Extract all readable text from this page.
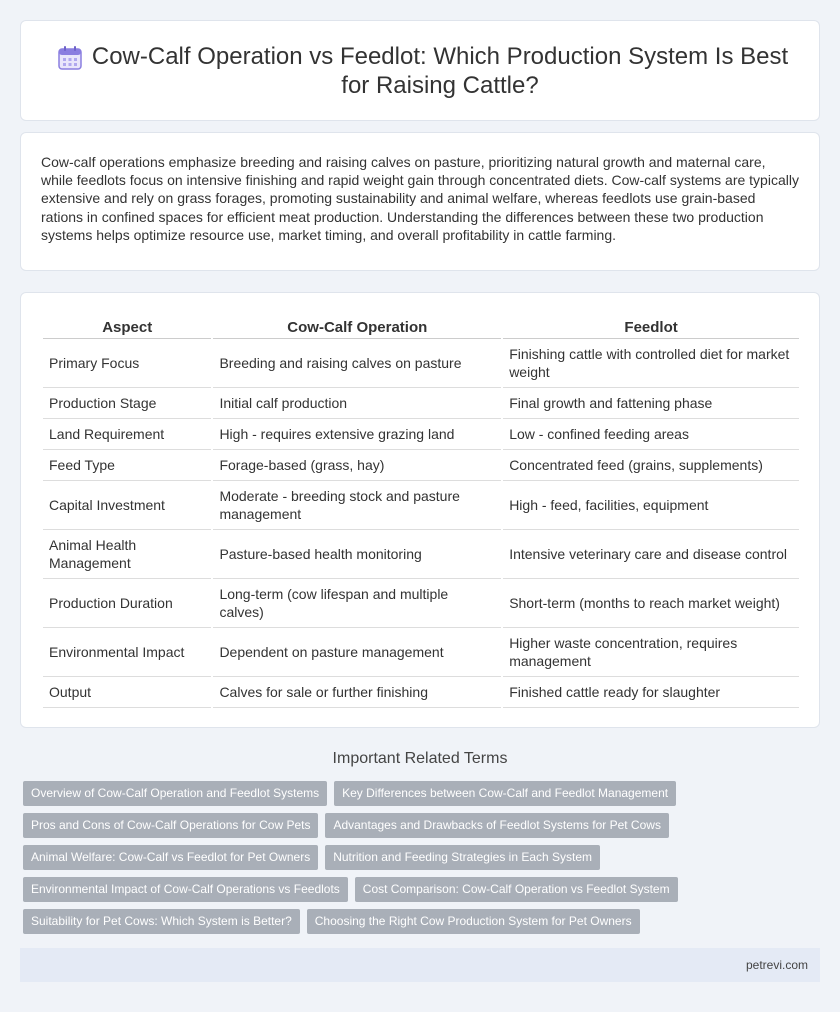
Cow-Calf Operation vs Feedlot: Which Production System Is Best for Raising Cattle?

Cow-calf operations emphasize breeding and raising calves on pasture, prioritizing natural growth and maternal care, while feedlots focus on intensive finishing and rapid weight gain through concentrated diets. Cow-calf systems are typically extensive and rely on grass forages, promoting sustainability and animal welfare, whereas feedlots use grain-based rations in confined spaces for efficient meat production. Understanding the differences between these two production systems helps optimize resource use, market timing, and overall profitability in cattle farming.

Aspect	Cow-Calf Operation	Feedlot
Primary Focus	Breeding and raising calves on pasture	Finishing cattle with controlled diet for market weight
Production Stage	Initial calf production	Final growth and fattening phase
Land Requirement	High - requires extensive grazing land	Low - confined feeding areas
Feed Type	Forage-based (grass, hay)	Concentrated feed (grains, supplements)
Capital Investment	Moderate - breeding stock and pasture management	High - feed, facilities, equipment
Animal Health Management	Pasture-based health monitoring	Intensive veterinary care and disease control
Production Duration	Long-term (cow lifespan and multiple calves)	Short-term (months to reach market weight)
Environmental Impact	Dependent on pasture management	Higher waste concentration, requires management
Output	Calves for sale or further finishing	Finished cattle ready for slaughter
Important Related Terms
Overview of Cow-Calf Operation and Feedlot Systems	Key Differences between Cow-Calf and Feedlot Management
Pros and Cons of Cow-Calf Operations for Cow Pets	Advantages and Drawbacks of Feedlot Systems for Pet Cows
Animal Welfare: Cow-Calf vs Feedlot for Pet Owners	Nutrition and Feeding Strategies in Each System
Environmental Impact of Cow-Calf Operations vs Feedlots	Cost Comparison: Cow-Calf Operation vs Feedlot System
Suitability for Pet Cows: Which System is Better?	Choosing the Right Cow Production System for Pet Owners
petrevi.com
